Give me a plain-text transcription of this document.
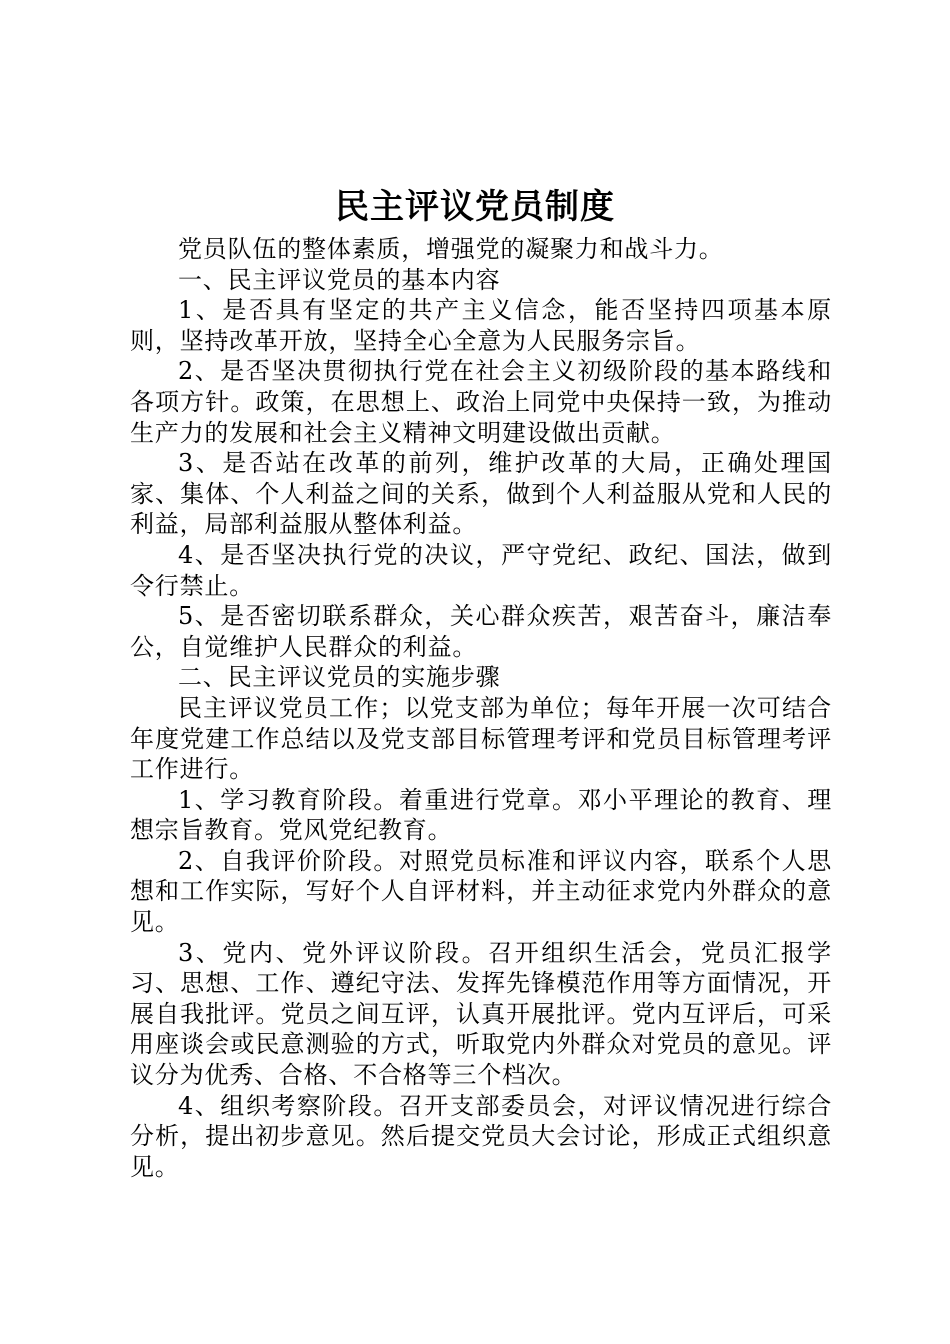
民主评议党员制度

党员队伍的整体素质，增强党的凝聚力和战斗力。

一、民主评议党员的基本内容

1、是否具有坚定的共产主义信念，能否坚持四项基本原则，坚持改革开放，坚持全心全意为人民服务宗旨。

2、是否坚决贯彻执行党在社会主义初级阶段的基本路线和各项方针。政策，在思想上、政治上同党中央保持一致，为推动生产力的发展和社会主义精神文明建设做出贡献。

3、是否站在改革的前列，维护改革的大局，正确处理国家、集体、个人利益之间的关系，做到个人利益服从党和人民的利益，局部利益服从整体利益。

4、是否坚决执行党的决议，严守党纪、政纪、国法，做到令行禁止。

5、是否密切联系群众，关心群众疾苦，艰苦奋斗，廉洁奉公，自觉维护人民群众的利益。

二、民主评议党员的实施步骤

民主评议党员工作；以党支部为单位；每年开展一次可结合年度党建工作总结以及党支部目标管理考评和党员目标管理考评工作进行。

1、学习教育阶段。着重进行党章。邓小平理论的教育、理想宗旨教育。党风党纪教育。

2、自我评价阶段。对照党员标准和评议内容，联系个人思想和工作实际，写好个人自评材料，并主动征求党内外群众的意见。

3、党内、党外评议阶段。召开组织生活会，党员汇报学习、思想、工作、遵纪守法、发挥先锋模范作用等方面情况，开展自我批评。党员之间互评，认真开展批评。党内互评后，可采用座谈会或民意测验的方式，听取党内外群众对党员的意见。评议分为优秀、合格、不合格等三个档次。

4、组织考察阶段。召开支部委员会，对评议情况进行综合分析，提出初步意见。然后提交党员大会讨论，形成正式组织意见。
